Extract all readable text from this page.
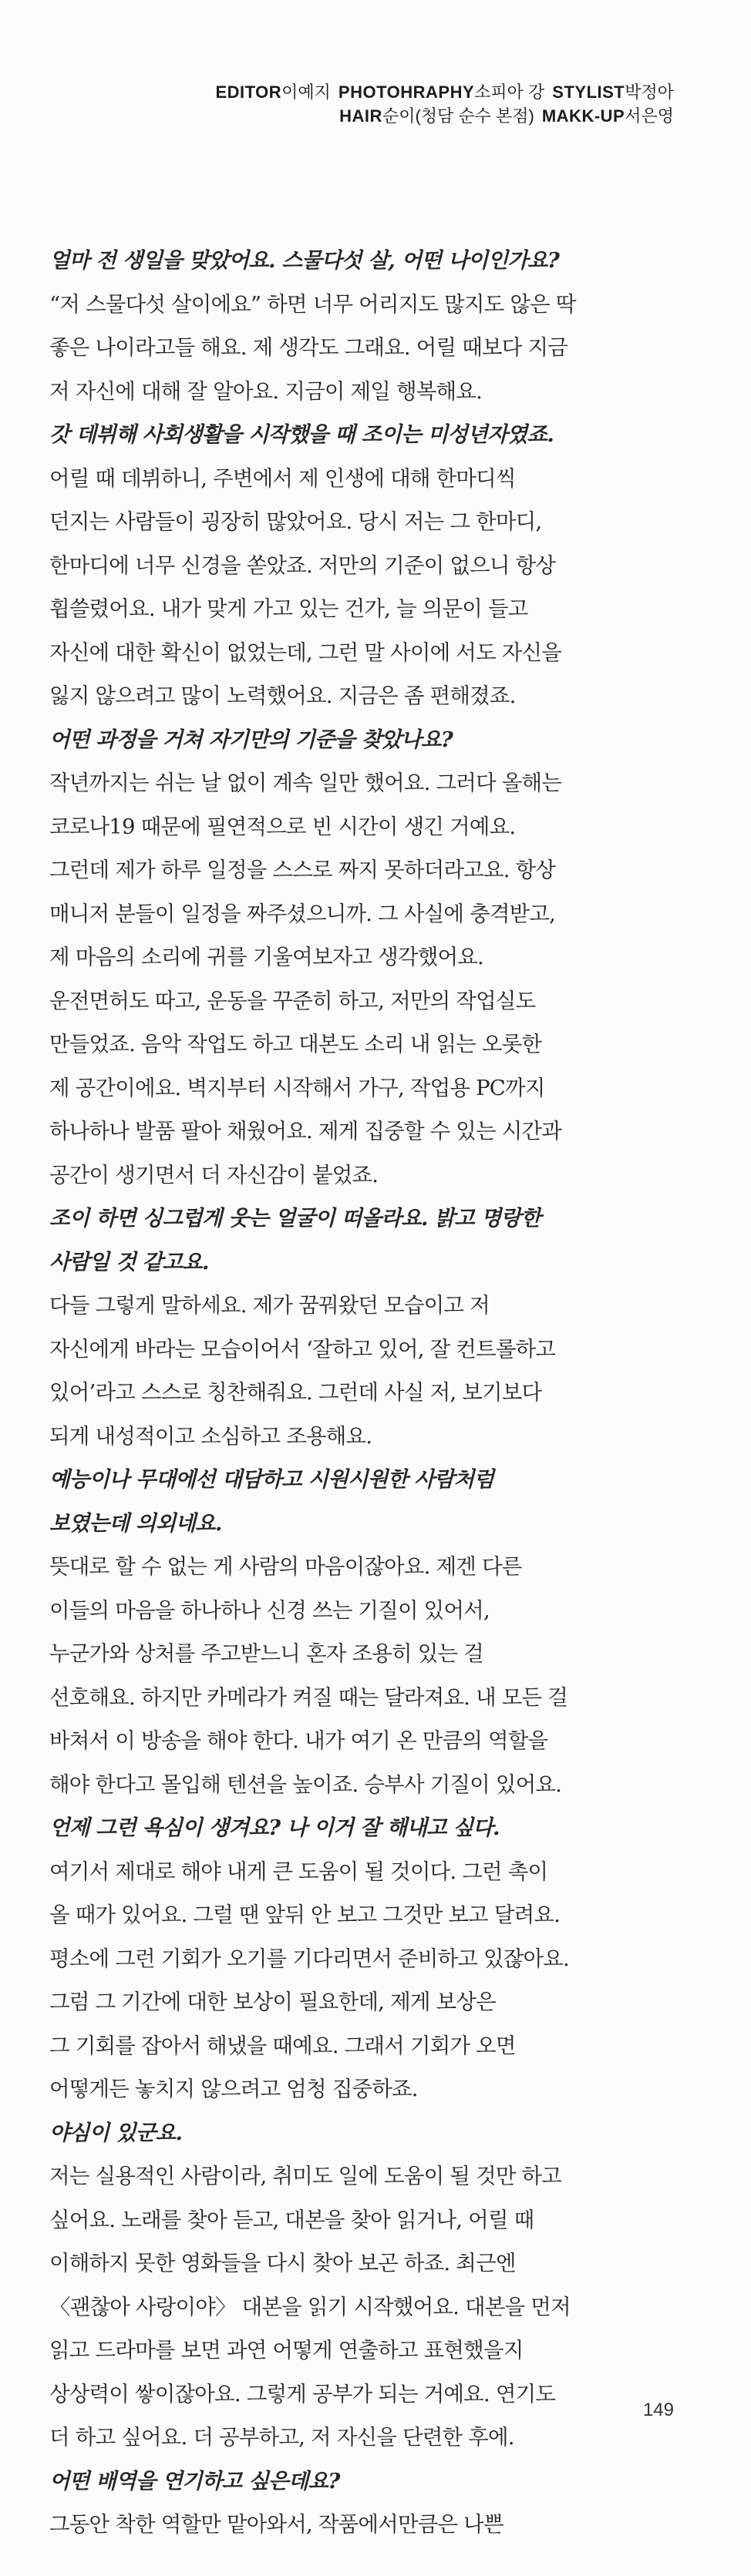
EDITOR이예지 PHOTOHRAPHY소피아 강 STYLIST박정아
HAIR순이(청담 순수 본점) MAKK-UP서은영

얼마 전 생일을 맞았어요. 스물다섯 살, 어떤 나이인가요?

“저 스물다섯 살이에요” 하면 너무 어리지도 많지도 않은 딱

좋은 나이라고들 해요. 제 생각도 그래요. 어릴 때보다 지금

저 자신에 대해 잘 알아요. 지금이 제일 행복해요.

갓 데뷔해 사회생활을 시작했을 때 조이는 미성년자였죠.

어릴 때 데뷔하니, 주변에서 제 인생에 대해 한마디씩

던지는 사람들이 굉장히 많았어요. 당시 저는 그 한마디,

한마디에 너무 신경을 쏟았죠. 저만의 기준이 없으니 항상

휩쓸렸어요. 내가 맞게 가고 있는 건가, 늘 의문이 들고

자신에 대한 확신이 없었는데, 그런 말 사이에 서도 자신을

잃지 않으려고 많이 노력했어요. 지금은 좀 편해졌죠.

어떤 과정을 거쳐 자기만의 기준을 찾았나요?

작년까지는 쉬는 날 없이 계속 일만 했어요. 그러다 올해는

코로나19 때문에 필연적으로 빈 시간이 생긴 거예요.

그런데 제가 하루 일정을 스스로 짜지 못하더라고요. 항상

매니저 분들이 일정을 짜주셨으니까. 그 사실에 충격받고,

제 마음의 소리에 귀를 기울여보자고 생각했어요.

운전면허도 따고, 운동을 꾸준히 하고, 저만의 작업실도

만들었죠. 음악 작업도 하고 대본도 소리 내 읽는 오롯한

제 공간이에요. 벽지부터 시작해서 가구, 작업용 PC까지

하나하나 발품 팔아 채웠어요. 제게 집중할 수 있는 시간과

공간이 생기면서 더 자신감이 붙었죠.

조이 하면 싱그럽게 웃는 얼굴이 떠올라요. 밝고 명랑한

사람일 것 같고요.

다들 그렇게 말하세요. 제가 꿈꿔왔던 모습이고 저

자신에게 바라는 모습이어서 ‘잘하고 있어, 잘 컨트롤하고

있어’라고 스스로 칭찬해줘요. 그런데 사실 저, 보기보다

되게 내성적이고 소심하고 조용해요.

예능이나 무대에선 대담하고 시원시원한 사람처럼

보였는데 의외네요.

뜻대로 할 수 없는 게 사람의 마음이잖아요. 제겐 다른

이들의 마음을 하나하나 신경 쓰는 기질이 있어서,

누군가와 상처를 주고받느니 혼자 조용히 있는 걸

선호해요. 하지만 카메라가 켜질 때는 달라져요. 내 모든 걸

바쳐서 이 방송을 해야 한다. 내가 여기 온 만큼의 역할을

해야 한다고 몰입해 텐션을 높이죠. 승부사 기질이 있어요.

언제 그런 욕심이 생겨요? 나 이거 잘 해내고 싶다.

여기서 제대로 해야 내게 큰 도움이 될 것이다. 그런 촉이

올 때가 있어요. 그럴 땐 앞뒤 안 보고 그것만 보고 달려요.

평소에 그런 기회가 오기를 기다리면서 준비하고 있잖아요.

그럼 그 기간에 대한 보상이 필요한데, 제게 보상은

그 기회를 잡아서 해냈을 때예요. 그래서 기회가 오면

어떻게든 놓치지 않으려고 엄청 집중하죠.

야심이 있군요.

저는 실용적인 사람이라, 취미도 일에 도움이 될 것만 하고

싶어요. 노래를 찾아 듣고, 대본을 찾아 읽거나, 어릴 때

이해하지 못한 영화들을 다시 찾아 보곤 하죠. 최근엔

〈괜찮아 사랑이야〉 대본을 읽기 시작했어요. 대본을 먼저

읽고 드라마를 보면 과연 어떻게 연출하고 표현했을지

상상력이 쌓이잖아요. 그렇게 공부가 되는 거예요. 연기도

더 하고 싶어요. 더 공부하고, 저 자신을 단련한 후에.

어떤 배역을 연기하고 싶은데요?

그동안 착한 역할만 맡아와서, 작품에서만큼은 나쁜

149
